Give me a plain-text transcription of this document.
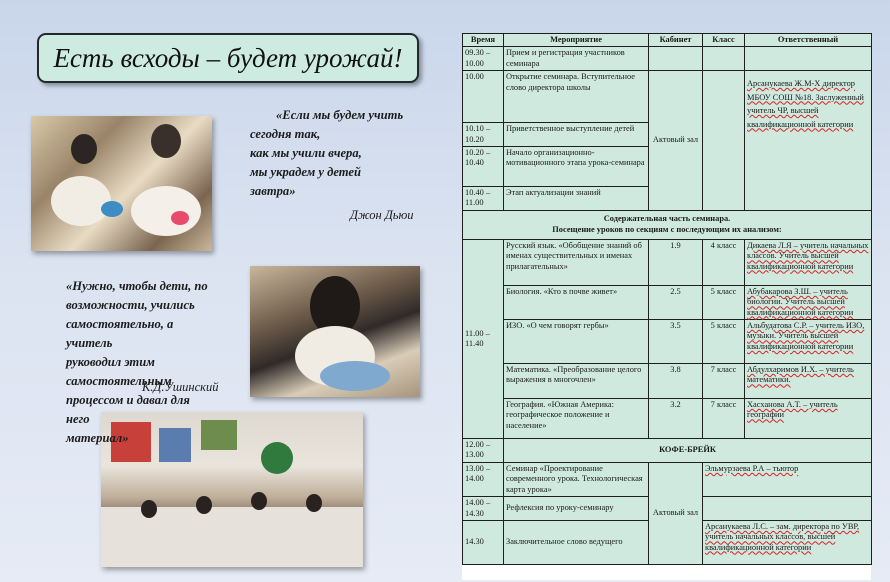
Есть всходы – будет урожай!
«Если мы будем учить
сегодня так,
как мы учили вчера,
мы украдем у детей
завтра»
Джон Дьюи
«Нужно, чтобы дети, по
возможности, учились
самостоятельно, а учитель
руководил этим
самостоятельным
процессом и давал для него
материал»
К.Д.Ушинский
Время	Мероприятие	Кабинет	Класс	Ответственный
09.30 – 10.00	Прием и регистрация участников семинара			
10.00	Открытие семинара. Вступительное слово директора школы	Актовый зал		Арсанукаева Ж.М-Х директор МБОУ СОШ №18. Заслуженный учитель ЧР, высшей квалификационной категории
10.10 – 10.20	Приветственное выступление детей			
10.20 – 10.40	Начало организационно-мотивационного этапа урока-семинара			
10.40 – 11.00	Этап актуализации знаний			

Содержательная часть семинара.
Посещение уроков по секциям с последующим их анализом:				

11.00 – 11.40	Русский язык. «Обобщение знаний об именах существительных и именах прилагательных»	1.9	4 класс	Дикаева Л.Я – учитель начальных классов. Учитель высшей квалификационной категории
	Биология. «Кто в почве живет»	2.5	5 класс	Абубакарова З.Ш. – учитель биологии. Учитель высшей квалификационной категории
	ИЗО. «О чем говорят гербы»	3.5	5 класс	Альбудатова С.Р. – учитель ИЗО, музыки. Учитель высшей квалификационной категории
	Математика. «Преобразование целого выражения в многочлен»	3.8	7 класс	Абдулхаримов И.Х. – учитель математики.
	География. «Южная Америка: географическое положение и население»	3.2	7 класс	Хасханова А.Т. – учитель географии
12.00 – 13.00	КОФЕ-БРЕЙК			
13.00 – 14.00	Семинар «Проектирование современного урока. Технологическая карта урока»	Актовый зал	Эльмурзаева Р.А – тьютор	
14.00 – 14.30	Рефлексия по уроку-семинару			
14.30	Заключительное слово ведущего		Арсанукаева Л.С. – зам. директора по УВР, учитель начальных классов, высшей квалификационной категории	
